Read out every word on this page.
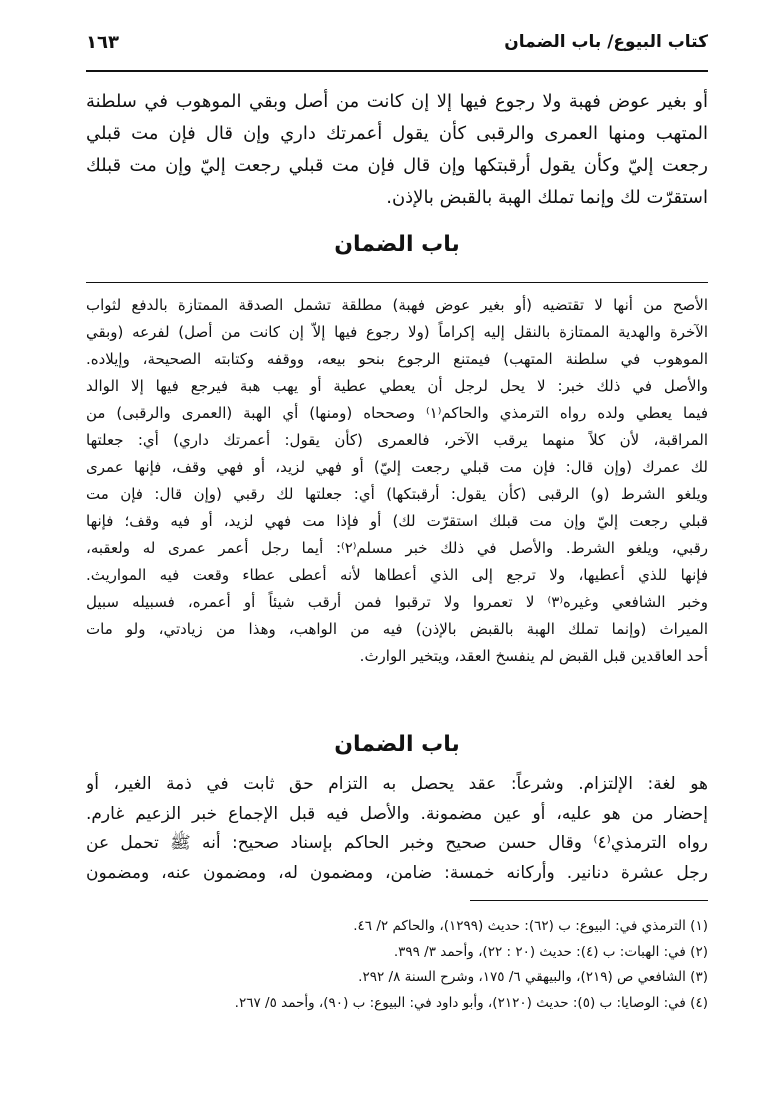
كتاب البيوع/ باب الضمان
١٦٣
أو بغير عوض فهبة ولا رجوع فيها إلا إن كانت من أصل وبقي الموهوب في سلطنة
المتهب ومنها العمرى والرقبى كأن يقول أعمرتك داري وإن قال فإن مت قبلي
رجعت إليّ وكأن يقول أرقبتكها وإن قال فإن مت قبلي رجعت إليّ وإن مت قبلك
استقرّت لك وإنما تملك الهبة بالقبض بالإذن.
باب الضمان
الأصح من أنها لا تقتضيه (أو بغير عوض فهبة) مطلقة تشمل الصدقة الممتازة بالدفع لثواب
الآخرة والهدية الممتازة بالنقل إليه إكراماً (ولا رجوع فيها إلاّ إن كانت من أصل) لفرعه (وبقي
الموهوب في سلطنة المتهب) فيمتنع الرجوع بنحو بيعه، ووقفه وكتابته الصحيحة، وإيلاده.
والأصل في ذلك خبر: لا يحل لرجل أن يعطي عطية أو يهب هبة فيرجع فيها إلا الوالد
فيما يعطي ولده رواه الترمذي والحاكم⁽١⁾ وصححاه (ومنها) أي الهبة (العمرى والرقبى) من
المراقبة، لأن كلاً منهما يرقب الآخر، فالعمرى (كأن يقول: أعمرتك داري) أي: جعلتها
لك عمرك (وإن قال: فإن مت قبلي رجعت إليّ) أو فهي لزيد، أو فهي وقف، فإنها عمرى
ويلغو الشرط (و) الرقبى (كأن يقول: أرقبتكها) أي: جعلتها لك رقبي (وإن قال: فإن مت
قبلي رجعت إليّ وإن مت قبلك استقرّت لك) أو فإذا مت فهي لزيد، أو فيه وقف؛ فإنها
رقبي، ويلغو الشرط. والأصل في ذلك خبر مسلم⁽٢⁾: أيما رجل أعمر عمرى له ولعقبه،
فإنها للذي أعطيها، ولا ترجع إلى الذي أعطاها لأنه أعطى عطاء وقعت فيه المواريث.
وخبر الشافعي وغيره⁽٣⁾ لا تعمروا ولا ترقبوا فمن أرقب شيئاً أو أعمره، فسبيله سبيل
الميراث (وإنما تملك الهبة بالقبض بالإذن) فيه من الواهب، وهذا من زيادتي، ولو مات
أحد العاقدين قبل القبض لم ينفسخ العقد، ويتخير الوارث.
باب الضمان
هو لغة: الإلتزام. وشرعاً: عقد يحصل به التزام حق ثابت في ذمة الغير، أو
إحضار من هو عليه، أو عين مضمونة. والأصل فيه قبل الإجماع خبر الزعيم غارم.
رواه الترمذي⁽٤⁾ وقال حسن صحيح وخبر الحاكم بإسناد صحيح: أنه ﷺ تحمل عن
رجل عشرة دنانير. وأركانه خمسة: ضامن، ومضمون له، ومضمون عنه، ومضمون
(١) الترمذي في: البيوع: ب (٦٢): حديث (١٢٩٩)، والحاكم ٢/ ٤٦.
(٢) في: الهبات: ب (٤): حديث (٢٠ : ٢٢)، وأحمد ٣/ ٣٩٩.
(٣) الشافعي ص (٢١٩)، والبيهقي ٦/ ١٧٥، وشرح السنة ٨/ ٢٩٢.
(٤) في: الوصايا: ب (٥): حديث (٢١٢٠)، وأبو داود في: البيوع: ب (٩٠)، وأحمد ٥/ ٢٦٧.
